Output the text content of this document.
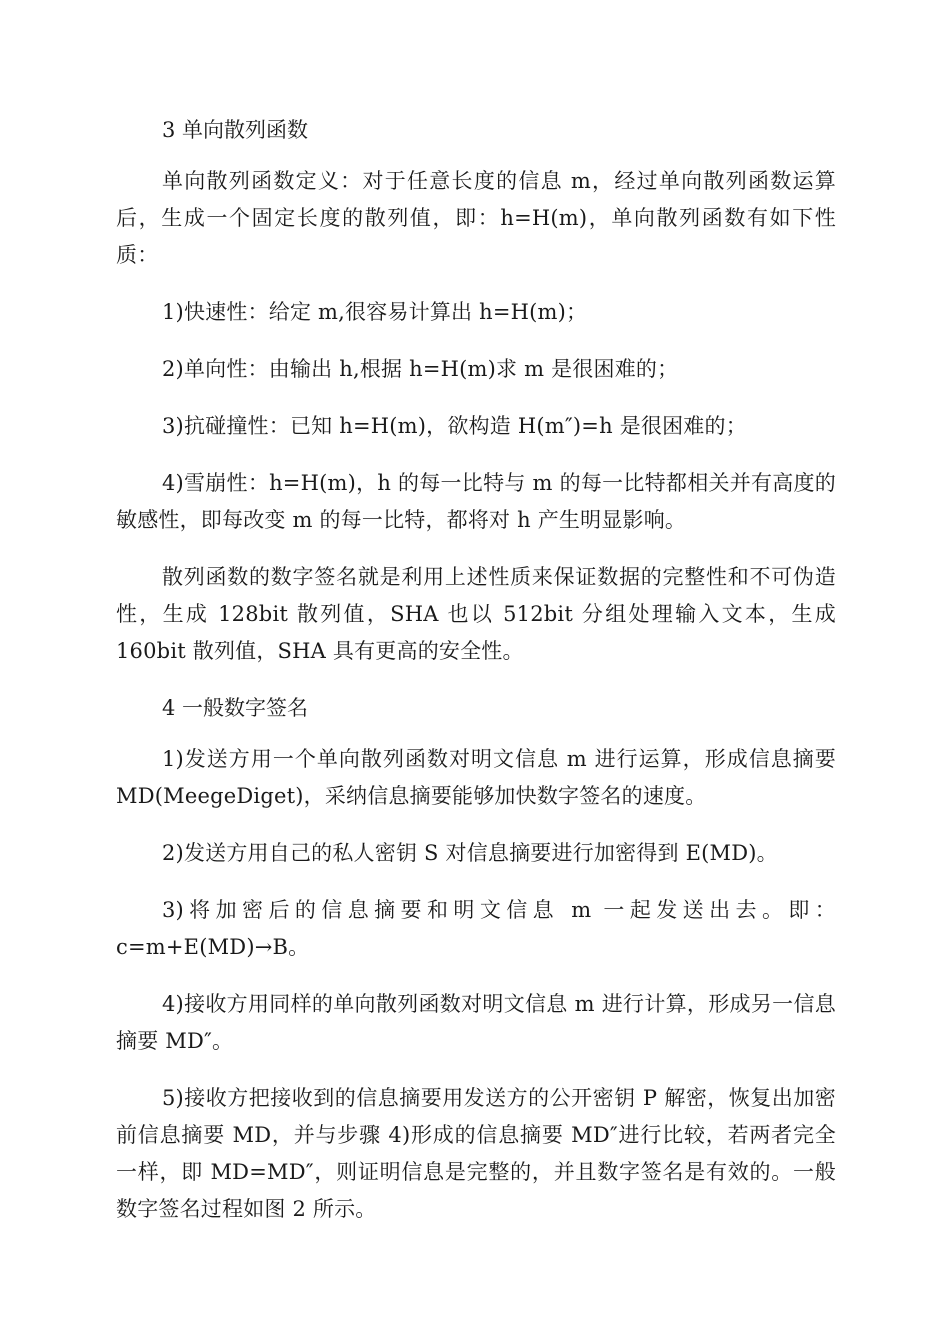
3 单向散列函数

单向散列函数定义：对于任意长度的信息 m，经过单向散列函数运算后，生成一个固定长度的散列值，即：h=H(m)，单向散列函数有如下性质：

1)快速性：给定 m,很容易计算出 h=H(m)；

2)单向性：由输出 h,根据 h=H(m)求 m 是很困难的；

3)抗碰撞性：已知 h=H(m)，欲构造 H(m″)=h 是很困难的；

4)雪崩性：h=H(m)，h 的每一比特与 m 的每一比特都相关并有高度的敏感性，即每改变 m 的每一比特，都将对 h 产生明显影响。

散列函数的数字签名就是利用上述性质来保证数据的完整性和不可伪造性，生成 128bit 散列值，SHA 也以 512bit 分组处理输入文本，生成 160bit 散列值，SHA 具有更高的安全性。

4 一般数字签名

1)发送方用一个单向散列函数对明文信息 m 进行运算，形成信息摘要 MD(MeegeDiget)，采纳信息摘要能够加快数字签名的速度。

2)发送方用自己的私人密钥 S 对信息摘要进行加密得到 E(MD)。

3)将加密后的信息摘要和明文信息 m 一起发送出去。即：c=m+E(MD)→B。

4)接收方用同样的单向散列函数对明文信息 m 进行计算，形成另一信息摘要 MD″。

5)接收方把接收到的信息摘要用发送方的公开密钥 P 解密，恢复出加密前信息摘要 MD，并与步骤 4)形成的信息摘要 MD″进行比较，若两者完全一样，即 MD=MD″，则证明信息是完整的，并且数字签名是有效的。一般数字签名过程如图 2 所示。
